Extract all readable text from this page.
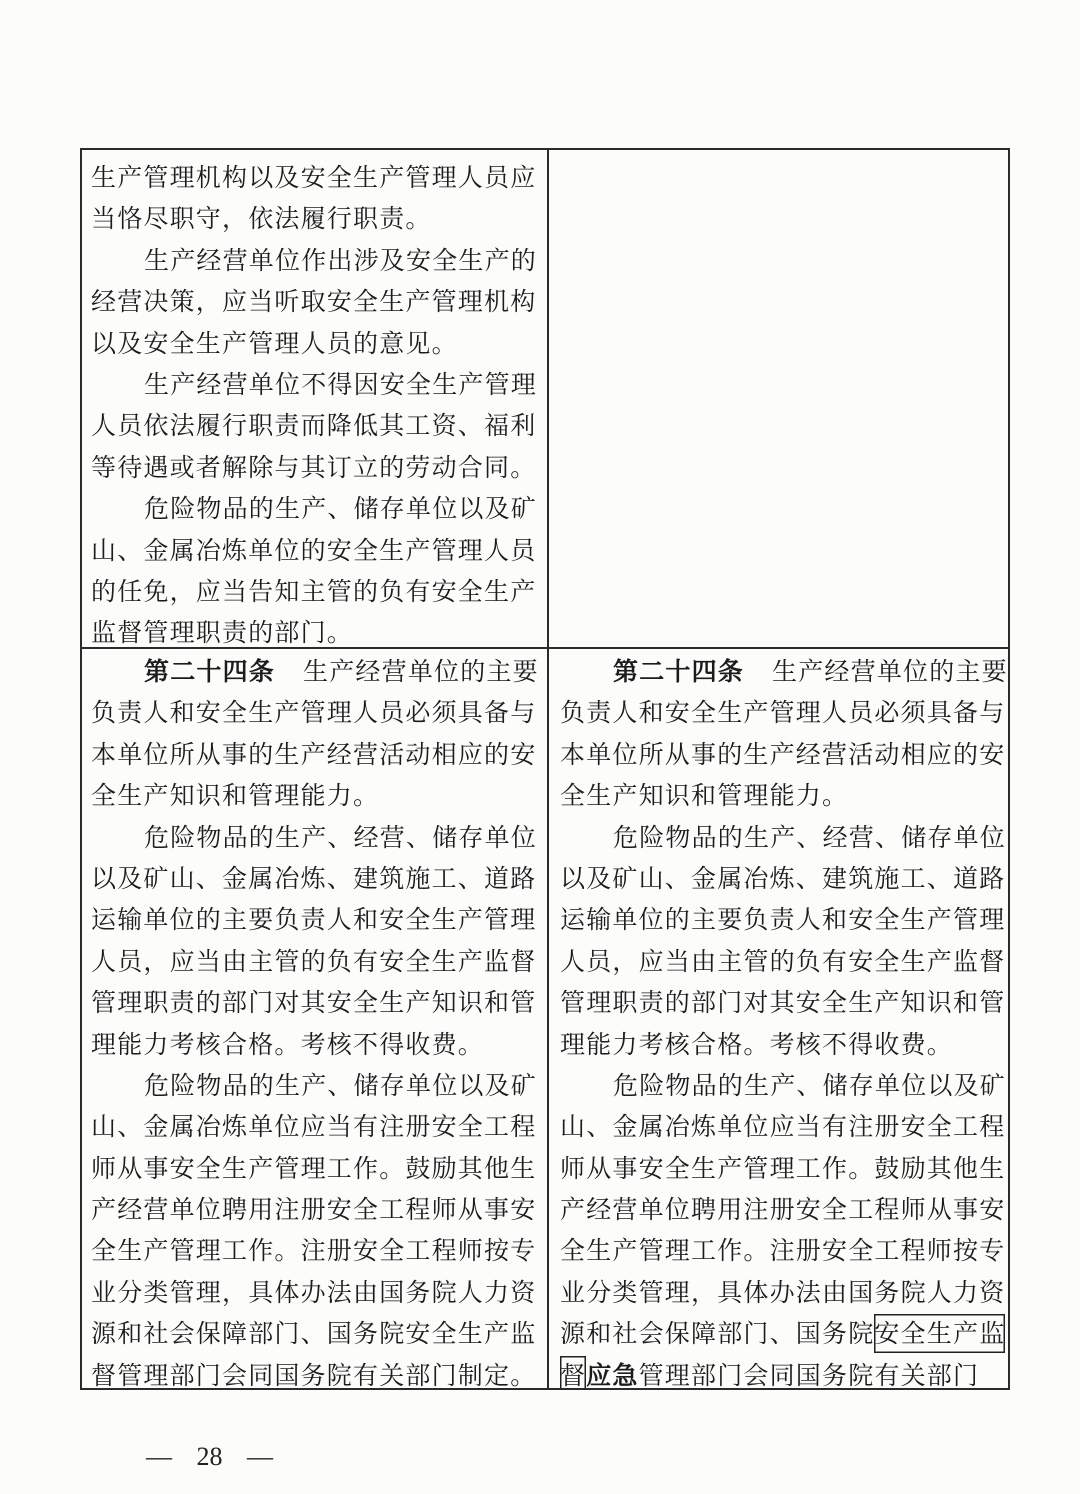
生产管理机构以及安全生产管理人员应
当恪尽职守，依法履行职责。
生产经营单位作出涉及安全生产的
经营决策，应当听取安全生产管理机构
以及安全生产管理人员的意见。
生产经营单位不得因安全生产管理
人员依法履行职责而降低其工资、福利
等待遇或者解除与其订立的劳动合同。
危险物品的生产、储存单位以及矿
山、金属冶炼单位的安全生产管理人员
的任免，应当告知主管的负有安全生产
监督管理职责的部门。
第二十四条 生产经营单位的主要
负责人和安全生产管理人员必须具备与
本单位所从事的生产经营活动相应的安
全生产知识和管理能力。
危险物品的生产、经营、储存单位
以及矿山、金属冶炼、建筑施工、道路
运输单位的主要负责人和安全生产管理
人员，应当由主管的负有安全生产监督
管理职责的部门对其安全生产知识和管
理能力考核合格。考核不得收费。
危险物品的生产、储存单位以及矿
山、金属冶炼单位应当有注册安全工程
师从事安全生产管理工作。鼓励其他生
产经营单位聘用注册安全工程师从事安
全生产管理工作。注册安全工程师按专
业分类管理，具体办法由国务院人力资
源和社会保障部门、国务院安全生产监
督管理部门会同国务院有关部门制定。
第二十四条 生产经营单位的主要
负责人和安全生产管理人员必须具备与
本单位所从事的生产经营活动相应的安
全生产知识和管理能力。
危险物品的生产、经营、储存单位
以及矿山、金属冶炼、建筑施工、道路
运输单位的主要负责人和安全生产管理
人员，应当由主管的负有安全生产监督
管理职责的部门对其安全生产知识和管
理能力考核合格。考核不得收费。
危险物品的生产、储存单位以及矿
山、金属冶炼单位应当有注册安全工程
师从事安全生产管理工作。鼓励其他生
产经营单位聘用注册安全工程师从事安
全生产管理工作。注册安全工程师按专
业分类管理，具体办法由国务院人力资
源和社会保障部门、国务院安全生产监
督应急管理部门会同国务院有关部门
— 28 —
